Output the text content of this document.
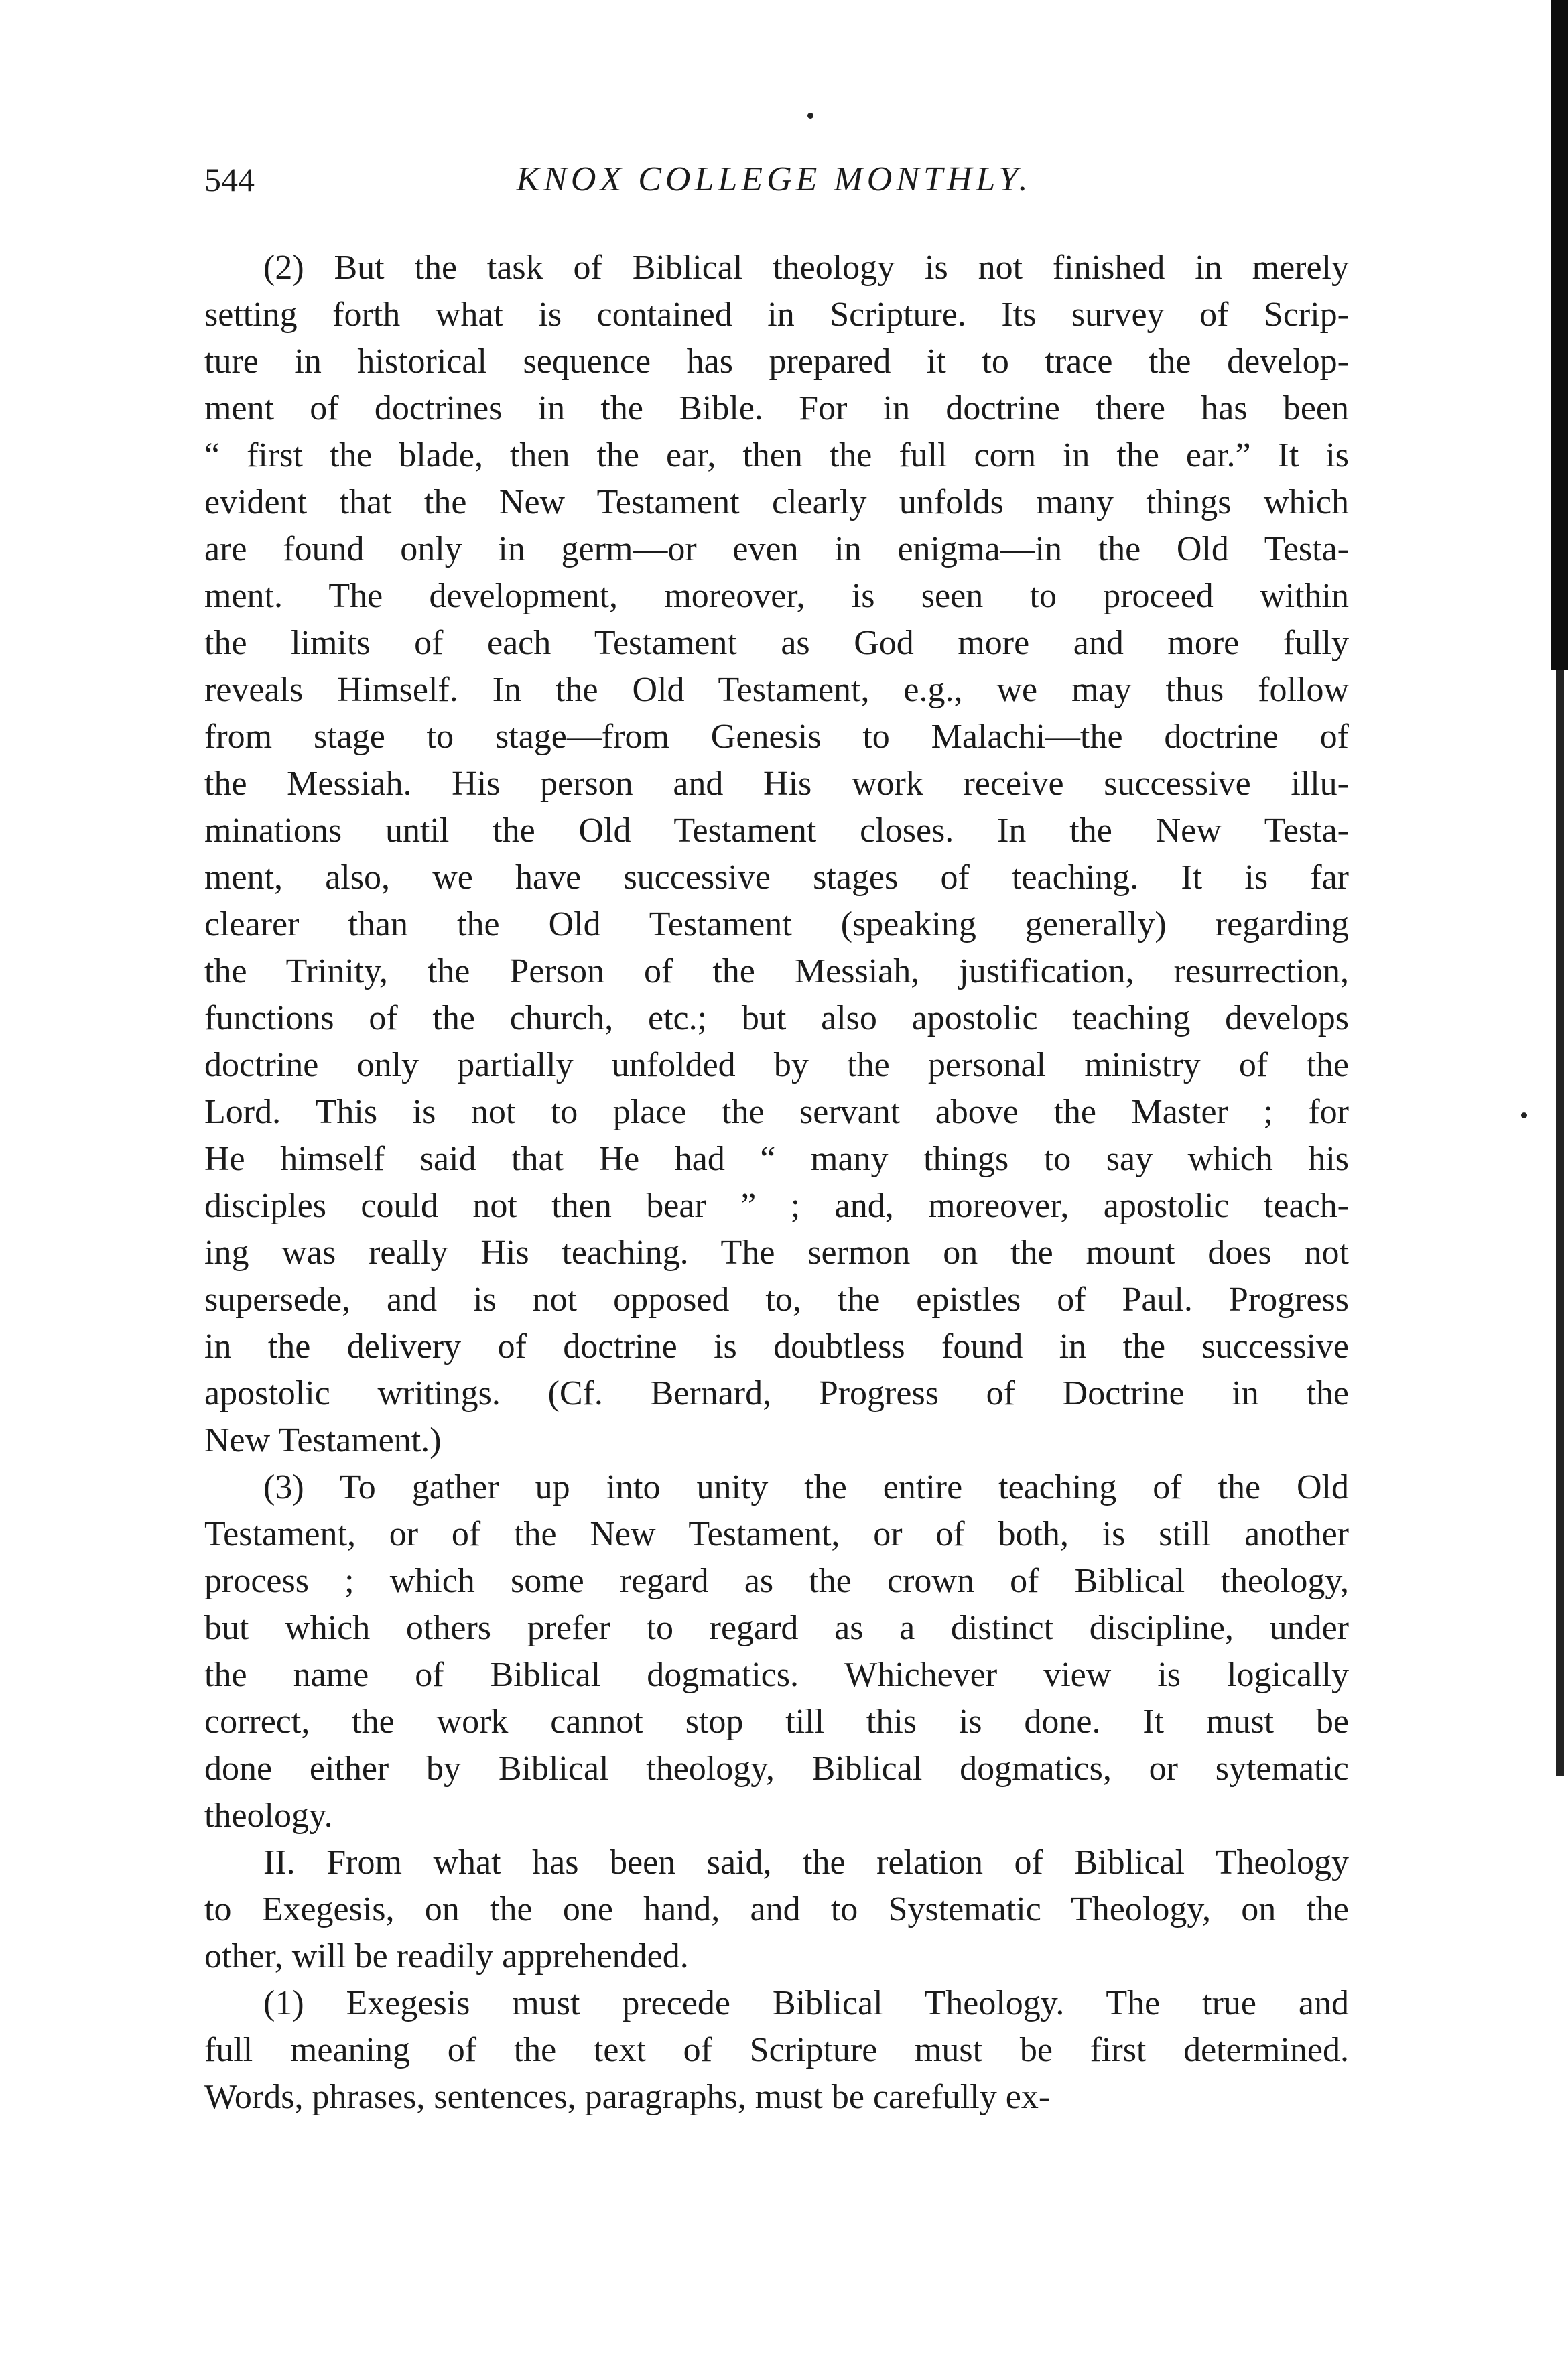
544	KNOX COLLEGE MONTHLY.
(2) But the task of Biblical theology is not finished in merely
setting forth what is contained in Scripture. Its survey of Scrip-
ture in historical sequence has prepared it to trace the develop-
ment of doctrines in the Bible. For in doctrine there has been
“ first the blade, then the ear, then the full corn in the ear.” It is
evident that the New Testament clearly unfolds many things which
are found only in germ—or even in enigma—in the Old Testa-
ment. The development, moreover, is seen to proceed within
the limits of each Testament as God more and more fully
reveals Himself. In the Old Testament, e.g., we may thus follow
from stage to stage—from Genesis to Malachi—the doctrine of
the Messiah. His person and His work receive successive illu-
minations until the Old Testament closes. In the New Testa-
ment, also, we have successive stages of teaching. It is far
clearer than the Old Testament (speaking generally) regarding
the Trinity, the Person of the Messiah, justification, resurrection,
functions of the church, etc.; but also apostolic teaching develops
doctrine only partially unfolded by the personal ministry of the
Lord. This is not to place the servant above the Master ; for
He himself said that He had “ many things to say which his
disciples could not then bear ” ; and, moreover, apostolic teach-
ing was really His teaching. The sermon on the mount does not
supersede, and is not opposed to, the epistles of Paul. Progress
in the delivery of doctrine is doubtless found in the successive
apostolic writings. (Cf. Bernard, Progress of Doctrine in the
New Testament.)
(3) To gather up into unity the entire teaching of the Old
Testament, or of the New Testament, or of both, is still another
process ; which some regard as the crown of Biblical theology,
but which others prefer to regard as a distinct discipline, under
the name of Biblical dogmatics. Whichever view is logically
correct, the work cannot stop till this is done. It must be
done either by Biblical theology, Biblical dogmatics, or sytematic
theology.
II. From what has been said, the relation of Biblical Theology
to Exegesis, on the one hand, and to Systematic Theology, on the
other, will be readily apprehended.
(1) Exegesis must precede Biblical Theology. The true and
full meaning of the text of Scripture must be first determined.
Words, phrases, sentences, paragraphs, must be carefully ex-
